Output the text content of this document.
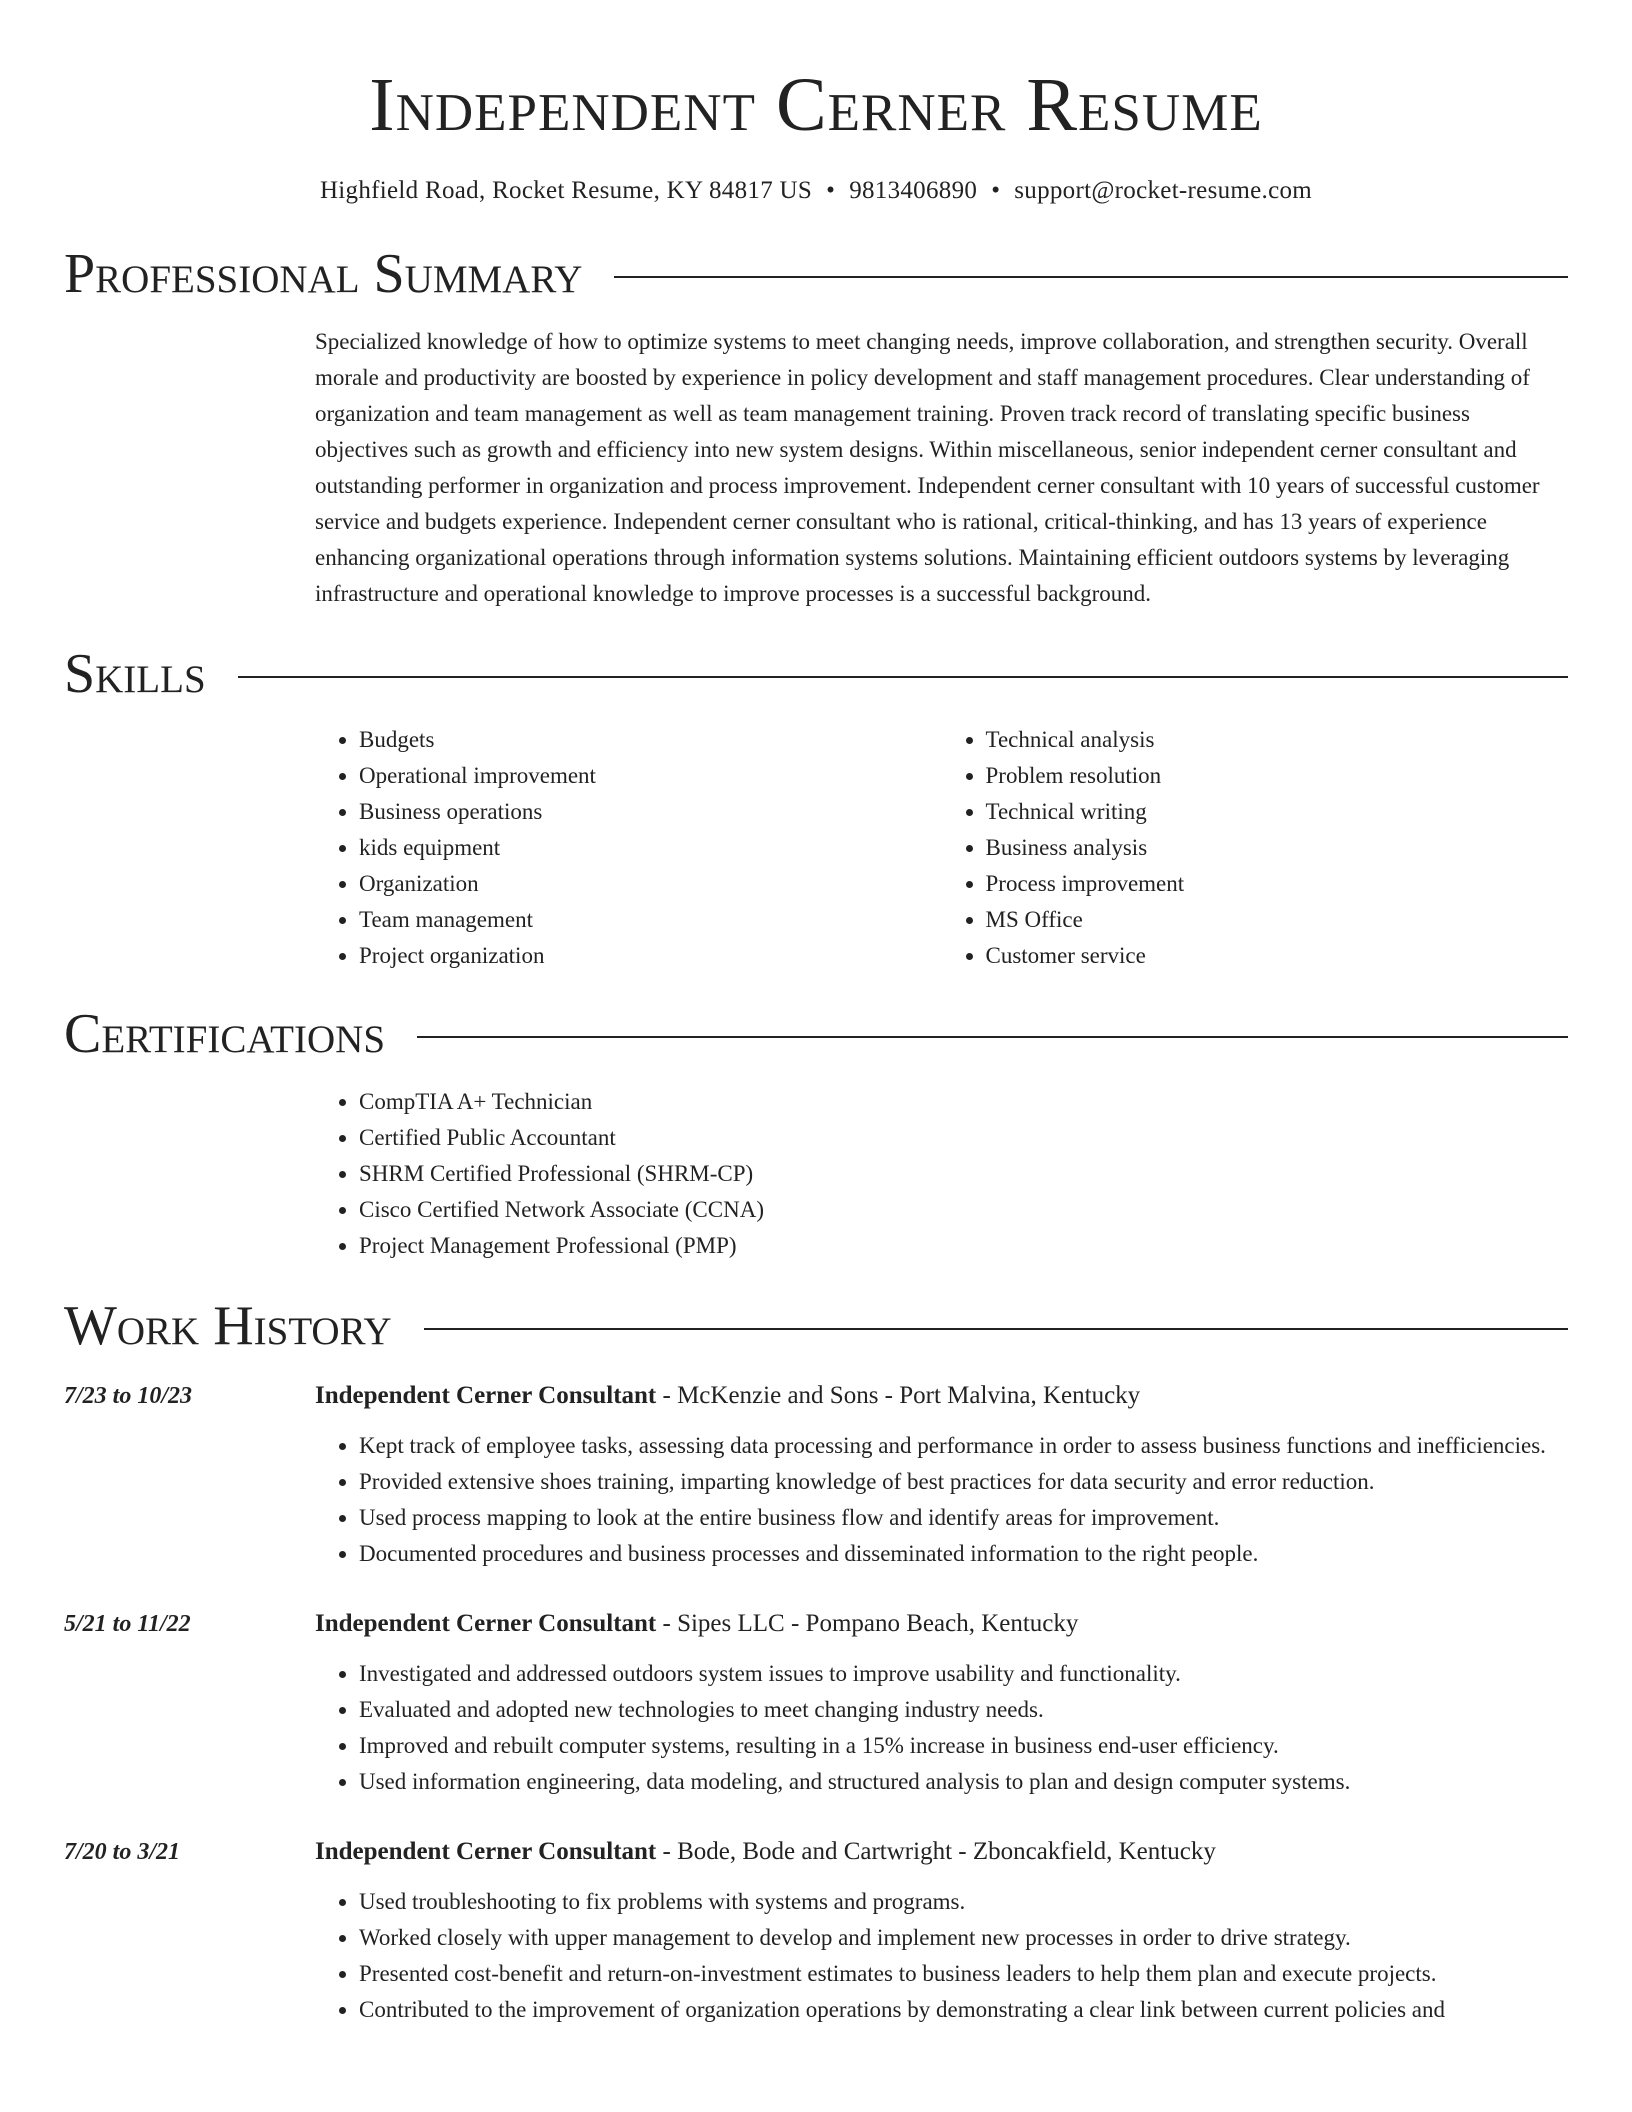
Independent Cerner Resume
Highfield Road, Rocket Resume, KY 84817 US • 9813406890 • support@rocket-resume.com
Professional Summary
Specialized knowledge of how to optimize systems to meet changing needs, improve collaboration, and strengthen security. Overall morale and productivity are boosted by experience in policy development and staff management procedures. Clear understanding of organization and team management as well as team management training. Proven track record of translating specific business objectives such as growth and efficiency into new system designs. Within miscellaneous, senior independent cerner consultant and outstanding performer in organization and process improvement. Independent cerner consultant with 10 years of successful customer service and budgets experience. Independent cerner consultant who is rational, critical-thinking, and has 13 years of experience enhancing organizational operations through information systems solutions. Maintaining efficient outdoors systems by leveraging infrastructure and operational knowledge to improve processes is a successful background.
Skills
• Budgets
• Operational improvement
• Business operations
• kids equipment
• Organization
• Team management
• Project organization
• Technical analysis
• Problem resolution
• Technical writing
• Business analysis
• Process improvement
• MS Office
• Customer service
Certifications
• CompTIA A+ Technician
• Certified Public Accountant
• SHRM Certified Professional (SHRM-CP)
• Cisco Certified Network Associate (CCNA)
• Project Management Professional (PMP)
Work History
7/23 to 10/23	Independent Cerner Consultant - McKenzie and Sons - Port Malvina, Kentucky
• Kept track of employee tasks, assessing data processing and performance in order to assess business functions and inefficiencies.
• Provided extensive shoes training, imparting knowledge of best practices for data security and error reduction.
• Used process mapping to look at the entire business flow and identify areas for improvement.
• Documented procedures and business processes and disseminated information to the right people.
5/21 to 11/22	Independent Cerner Consultant - Sipes LLC - Pompano Beach, Kentucky
• Investigated and addressed outdoors system issues to improve usability and functionality.
• Evaluated and adopted new technologies to meet changing industry needs.
• Improved and rebuilt computer systems, resulting in a 15% increase in business end-user efficiency.
• Used information engineering, data modeling, and structured analysis to plan and design computer systems.
7/20 to 3/21	Independent Cerner Consultant - Bode, Bode and Cartwright - Zboncakfield, Kentucky
• Used troubleshooting to fix problems with systems and programs.
• Worked closely with upper management to develop and implement new processes in order to drive strategy.
• Presented cost-benefit and return-on-investment estimates to business leaders to help them plan and execute projects.
• Contributed to the improvement of organization operations by demonstrating a clear link between current policies and
